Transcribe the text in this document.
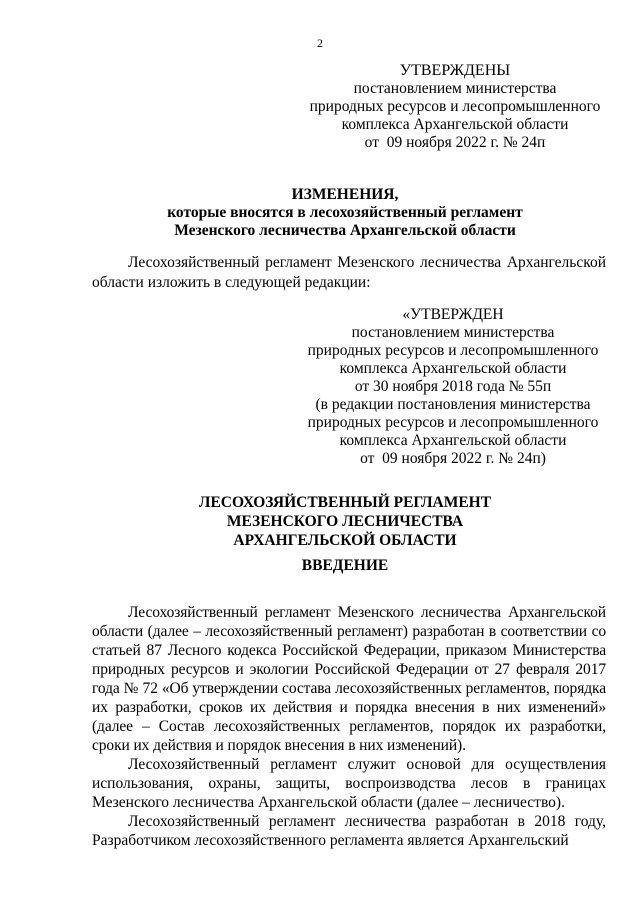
2
УТВЕРЖДЕНЫ
постановлением министерства
природных ресурсов и лесопромышленного
комплекса Архангельской области
от  09 ноября 2022 г. № 24п
ИЗМЕНЕНИЯ,
которые вносятся в лесохозяйственный регламент
Мезенского лесничества Архангельской области

Лесохозяйственный регламент Мезенского лесничества Архангельской области изложить в следующей редакции:

«УТВЕРЖДЕН
постановлением министерства
природных ресурсов и лесопромышленного
комплекса Архангельской области
от 30 ноября 2018 года № 55п
(в редакции постановления министерства
природных ресурсов и лесопромышленного
комплекса Архангельской области
от  09 ноября 2022 г. № 24п)
ЛЕСОХОЗЯЙСТВЕННЫЙ РЕГЛАМЕНТ
МЕЗЕНСКОГО ЛЕСНИЧЕСТВА
АРХАНГЕЛЬСКОЙ ОБЛАСТИ
ВВЕДЕНИЕ

Лесохозяйственный регламент Мезенского лесничества Архангельской области (далее – лесохозяйственный регламент) разработан в соответствии со статьей 87 Лесного кодекса Российской Федерации, приказом Министерства природных ресурсов и экологии Российской Федерации от 27 февраля 2017 года № 72 «Об утверждении состава лесохозяйственных регламентов, порядка их разработки, сроков их действия и порядка внесения в них изменений» (далее – Состав лесохозяйственных регламентов, порядок их разработки, сроки их действия и порядок внесения в них изменений).

Лесохозяйственный регламент служит основой для осуществления использования, охраны, защиты, воспроизводства лесов в границах Мезенского лесничества Архангельской области (далее – лесничество).

Лесохозяйственный регламент лесничества разработан в 2018 году, Разработчиком лесохозяйственного регламента является Архангельский
